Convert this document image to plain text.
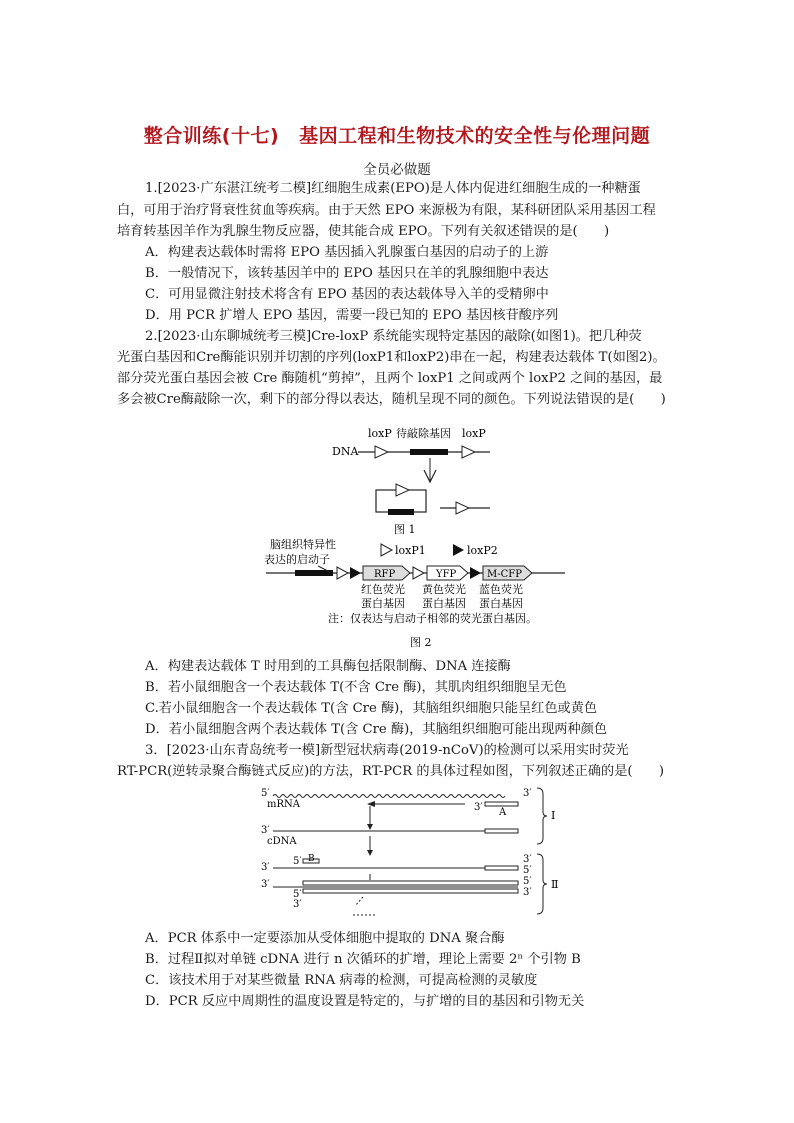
整合训练(十七) 基因工程和生物技术的安全性与伦理问题
全员必做题
1.[2023·广东湛江统考二模]红细胞生成素(EPO)是人体内促进红细胞生成的一种糖蛋
白，可用于治疗肾衰性贫血等疾病。由于天然 EPO 来源极为有限，某科研团队采用基因工程
培育转基因羊作为乳腺生物反应器，使其能合成 EPO。下列有关叙述错误的是(　　)
A．构建表达载体时需将 EPO 基因插入乳腺蛋白基因的启动子的上游
B．一般情况下，该转基因羊中的 EPO 基因只在羊的乳腺细胞中表达
C．可用显微注射技术将含有 EPO 基因的表达载体导入羊的受精卵中
D．用 PCR 扩增人 EPO 基因，需要一段已知的 EPO 基因核苷酸序列
2.[2023·山东聊城统考三模]Cre-loxP 系统能实现特定基因的敲除(如图1)。把几种荧
光蛋白基因和Cre酶能识别并切割的序列(loxP1和loxP2)串在一起，构建表达载体 T(如图2)。
部分荧光蛋白基因会被 Cre 酶随机“剪掉”，且两个 loxP1 之间或两个 loxP2 之间的基因，最
多会被Cre酶敲除一次，剩下的部分得以表达，随机呈现不同的颜色。下列说法错误的是(　　)
DNA
loxP 待敲除基因 loxP
图 1
脑组织特异性
表达的启动子
loxP1	loxP2
RFP	YFP	M-CFP
红色荧光
蛋白基因
黄色荧光
蛋白基因
蓝色荧光
蛋白基因
注：仅表达与启动子相邻的荧光蛋白基因。
图 2
A．构建表达载体 T 时用到的工具酶包括限制酶、DNA 连接酶
B．若小鼠细胞含一个表达载体 T(不含 Cre 酶)，其肌肉组织细胞呈无色
C.若小鼠细胞含一个表达载体 T(含 Cre 酶)，其脑组织细胞只能呈红色或黄色
D．若小鼠细胞含两个表达载体 T(含 Cre 酶)，其脑组织细胞可能出现两种颜色
3．[2023·山东青岛统考一模]新型冠状病毒(2019-nCoV)的检测可以采用实时荧光
RT-PCR(逆转录聚合酶链式反应)的方法，RT-PCR 的具体过程如图，下列叙述正确的是(　　)
5′
mRNA
3′
3′ A
3′
cDNA
5′ B
3′
3′
5′
3′
5′
3′
5′
3′
Ⅰ
Ⅱ
A．PCR 体系中一定要添加从受体细胞中提取的 DNA 聚合酶
B．过程Ⅱ拟对单链 cDNA 进行 n 次循环的扩增，理论上需要 2ⁿ 个引物 B
C．该技术用于对某些微量 RNA 病毒的检测，可提高检测的灵敏度
D．PCR 反应中周期性的温度设置是特定的，与扩增的目的基因和引物无关
